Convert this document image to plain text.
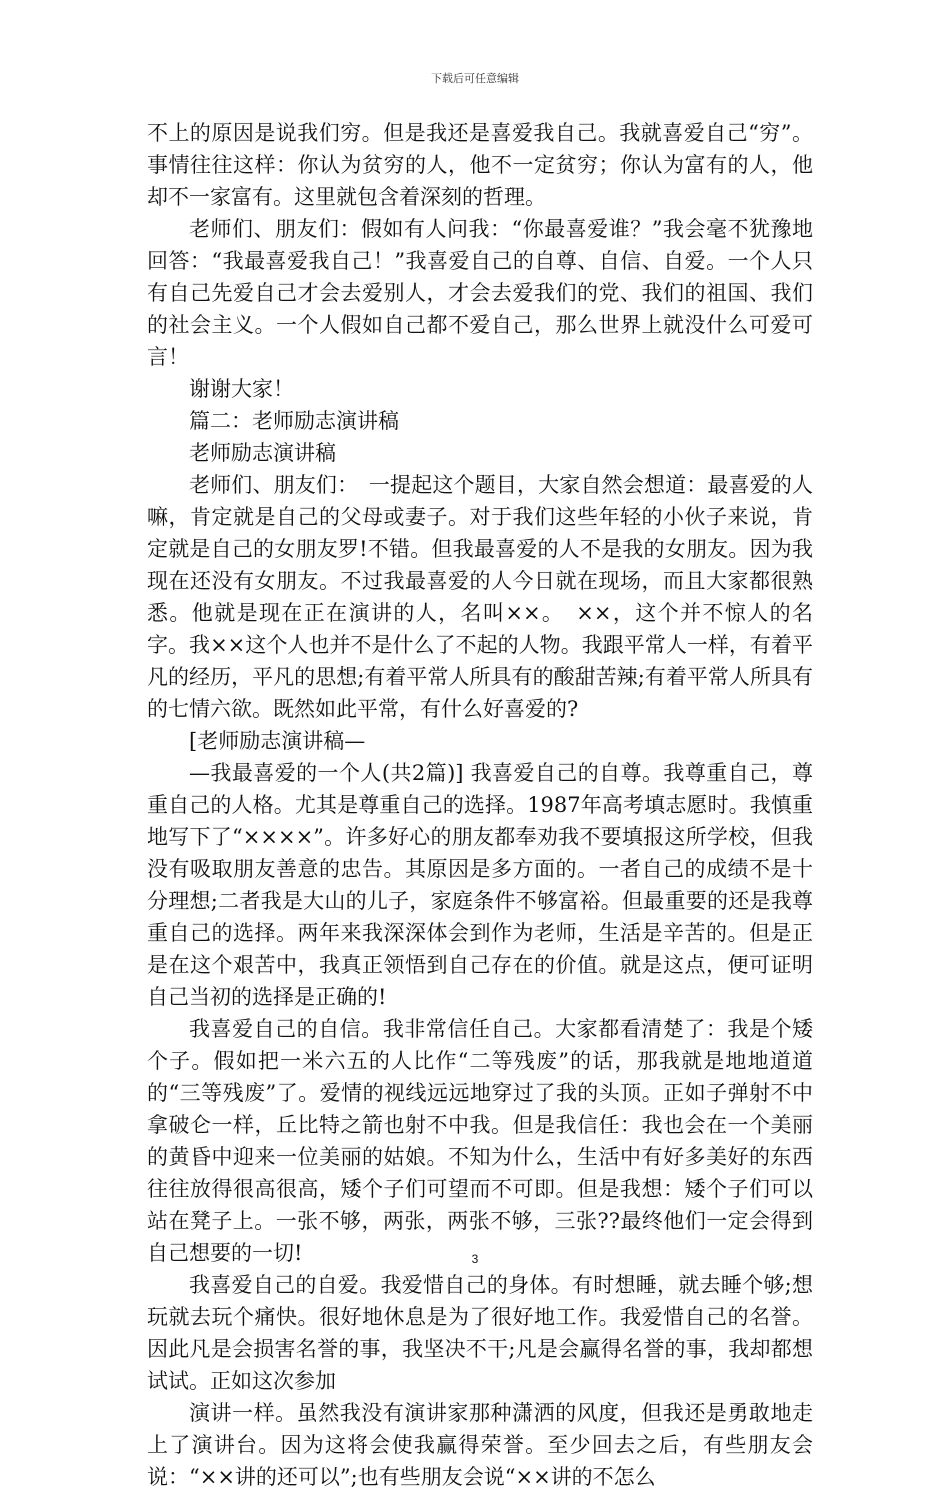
下载后可任意编辑

不上的原因是说我们穷。但是我还是喜爱我自己。我就喜爱自己“穷”。事情往往这样：你认为贫穷的人，他不一定贫穷；你认为富有的人，他却不一家富有。这里就包含着深刻的哲理。

老师们、朋友们：假如有人问我：“你最喜爱谁？”我会毫不犹豫地回答：“我最喜爱我自己！”我喜爱自己的自尊、自信、自爱。一个人只有自己先爱自己才会去爱别人，才会去爱我们的党、我们的祖国、我们的社会主义。一个人假如自己都不爱自己，那么世界上就没什么可爱可言！

谢谢大家！

篇二：老师励志演讲稿

老师励志演讲稿

老师们、朋友们：　一提起这个题目，大家自然会想道：最喜爱的人嘛，肯定就是自己的父母或妻子。对于我们这些年轻的小伙子来说，肯定就是自己的女朋友罗!不错。但我最喜爱的人不是我的女朋友。因为我现在还没有女朋友。不过我最喜爱的人今日就在现场，而且大家都很熟悉。他就是现在正在演讲的人，名叫××。　××，这个并不惊人的名字。我××这个人也并不是什么了不起的人物。我跟平常人一样，有着平凡的经历，平凡的思想;有着平常人所具有的酸甜苦辣;有着平常人所具有的七情六欲。既然如此平常，有什么好喜爱的?

[老师励志演讲稿—

—我最喜爱的一个人(共2篇)] 我喜爱自己的自尊。我尊重自己，尊重自己的人格。尤其是尊重自己的选择。1987年高考填志愿时。我慎重地写下了“××××”。许多好心的朋友都奉劝我不要填报这所学校，但我没有吸取朋友善意的忠告。其原因是多方面的。一者自己的成绩不是十分理想;二者我是大山的儿子，家庭条件不够富裕。但最重要的还是我尊重自己的选择。两年来我深深体会到作为老师，生活是辛苦的。但是正是在这个艰苦中，我真正领悟到自己存在的价值。就是这点，便可证明自己当初的选择是正确的!

我喜爱自己的自信。我非常信任自己。大家都看清楚了：我是个矮个子。假如把一米六五的人比作“二等残废”的话，那我就是地地道道的“三等残废”了。爱情的视线远远地穿过了我的头顶。正如子弹射不中拿破仑一样，丘比特之箭也射不中我。但是我信任：我也会在一个美丽的黄昏中迎来一位美丽的姑娘。不知为什么，生活中有好多美好的东西往往放得很高很高，矮个子们可望而不可即。但是我想：矮个子们可以站在凳子上。一张不够，两张，两张不够，三张??最终他们一定会得到自己想要的一切!

我喜爱自己的自爱。我爱惜自己的身体。有时想睡，就去睡个够;想玩就去玩个痛快。很好地休息是为了很好地工作。我爱惜自己的名誉。因此凡是会损害名誉的事，我坚决不干;凡是会赢得名誉的事，我却都想试试。正如这次参加

演讲一样。虽然我没有演讲家那种潇洒的风度，但我还是勇敢地走上了演讲台。因为这将会使我赢得荣誉。至少回去之后，有些朋友会说：“××讲的还可以”;也有些朋友会说“××讲的不怎么

3
